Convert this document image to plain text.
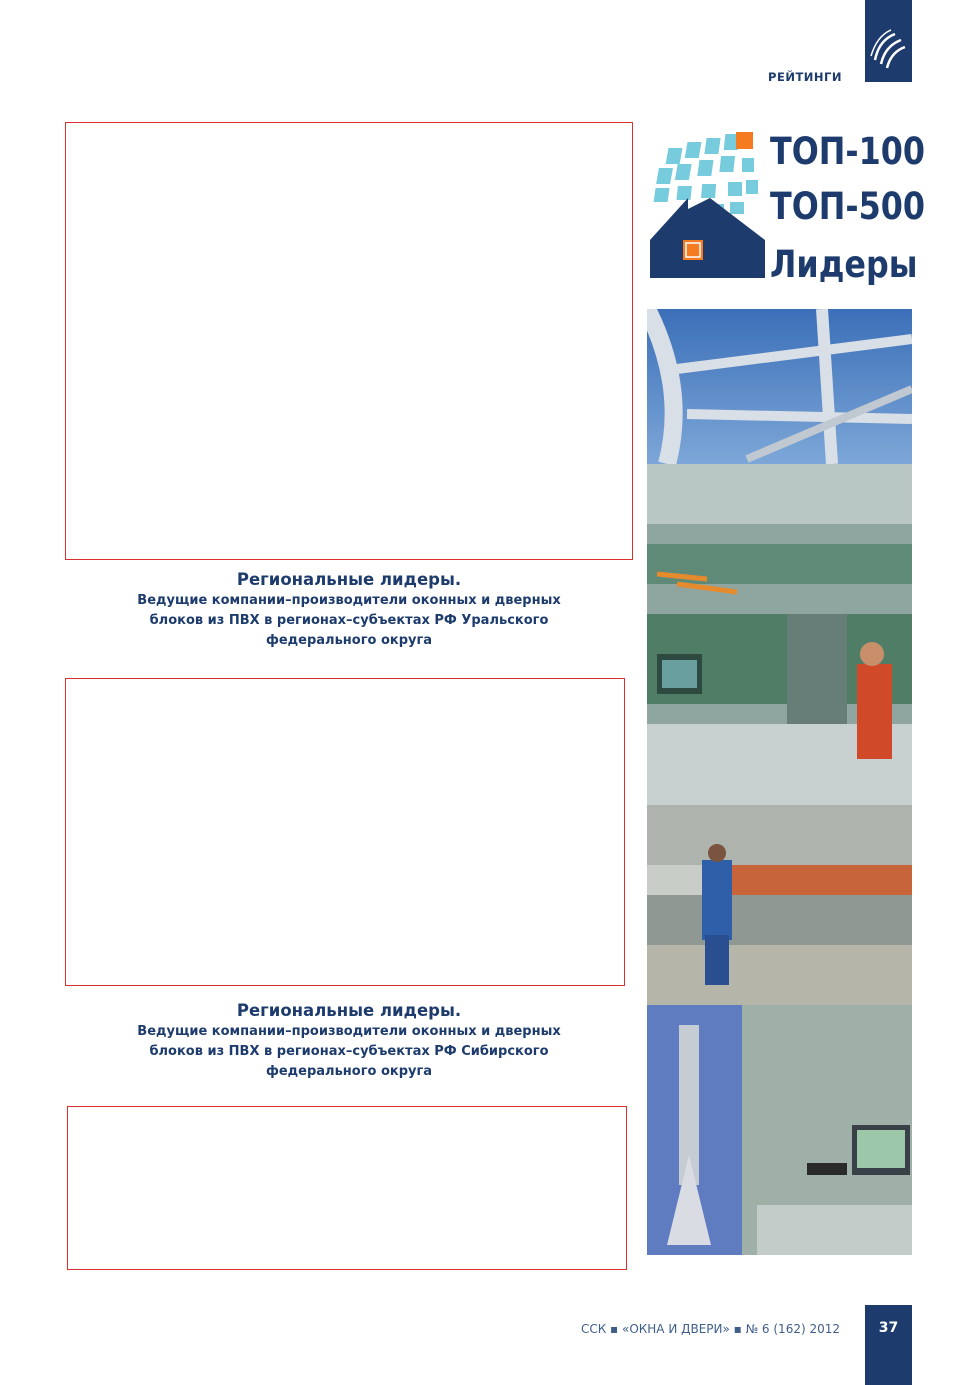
РЕЙТИНГИ
ТОП-100
ТОП-500
Лидеры
Региональные лидеры.
Ведущие компании–производители оконных и дверных
блоков из ПВХ в регионах–субъектах РФ Уральского
федерального округа
Региональные лидеры.
Ведущие компании–производители оконных и дверных
блоков из ПВХ в регионах–субъектах РФ Сибирского
федерального округа
ССК ▪ «ОКНА И ДВЕРИ» ▪ № 6 (162) 2012	37
